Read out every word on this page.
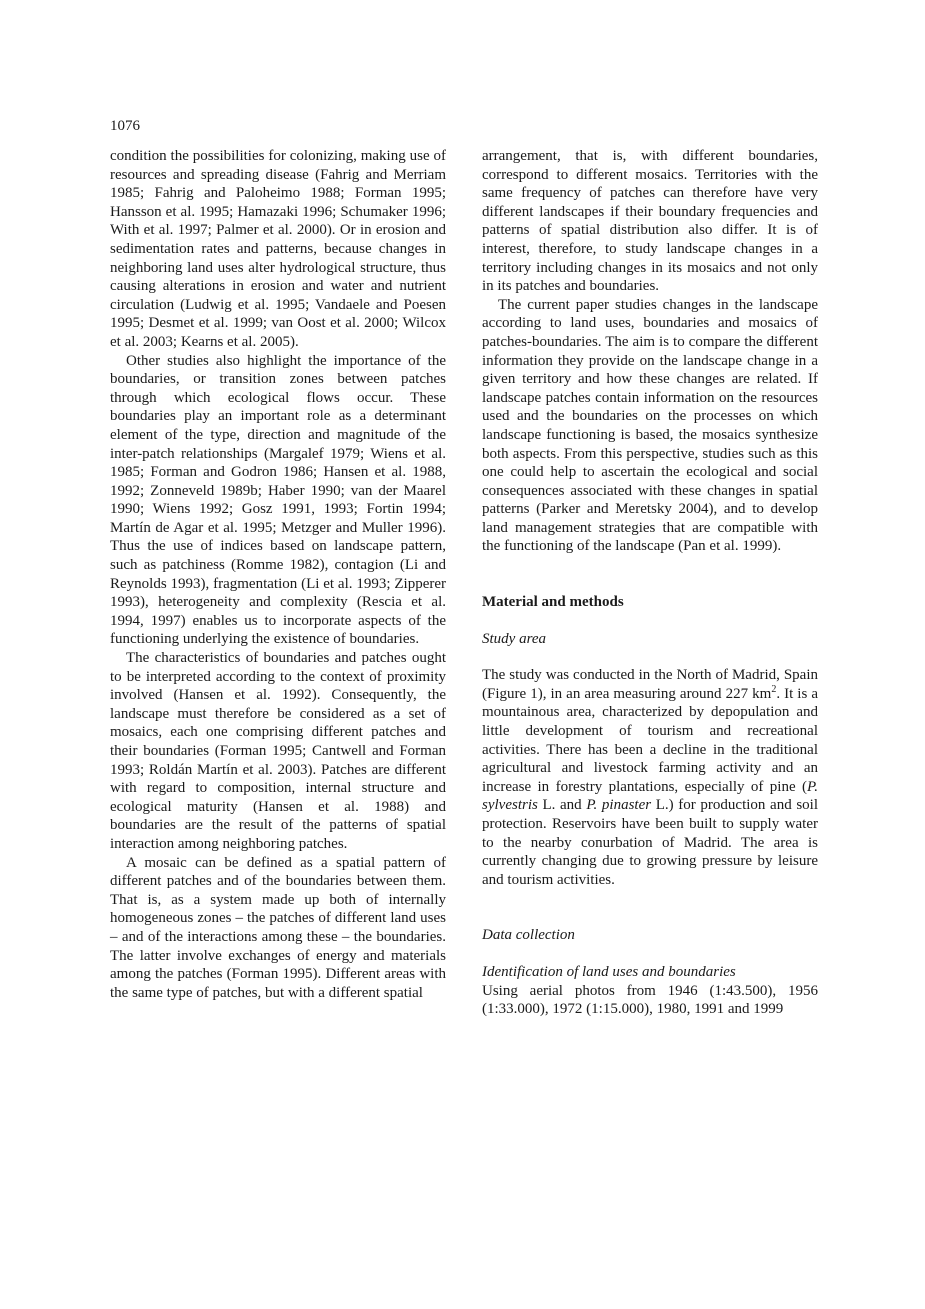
1076

condition the possibilities for colonizing, making use of resources and spreading disease (Fahrig and Merriam 1985; Fahrig and Paloheimo 1988; Forman 1995; Hansson et al. 1995; Hamazaki 1996; Schumaker 1996; With et al. 1997; Palmer et al. 2000). Or in erosion and sedimentation rates and patterns, because changes in neighboring land uses alter hydrological structure, thus causing alterations in erosion and water and nutrient circulation (Ludwig et al. 1995; Vandaele and Poesen 1995; Desmet et al. 1999; van Oost et al. 2000; Wilcox et al. 2003; Kearns et al. 2005).

Other studies also highlight the importance of the boundaries, or transition zones between patches through which ecological flows occur. These boundaries play an important role as a determinant element of the type, direction and magnitude of the inter-patch relationships (Margalef 1979; Wiens et al. 1985; Forman and Godron 1986; Hansen et al. 1988, 1992; Zonneveld 1989b; Haber 1990; van der Maarel 1990; Wiens 1992; Gosz 1991, 1993; Fortin 1994; Martín de Agar et al. 1995; Metzger and Muller 1996). Thus the use of indices based on landscape pattern, such as patchiness (Romme 1982), contagion (Li and Reynolds 1993), fragmentation (Li et al. 1993; Zipperer 1993), heterogeneity and complexity (Rescia et al. 1994, 1997) enables us to incorporate aspects of the functioning underlying the existence of boundaries.

The characteristics of boundaries and patches ought to be interpreted according to the context of proximity involved (Hansen et al. 1992). Consequently, the landscape must therefore be considered as a set of mosaics, each one comprising different patches and their boundaries (Forman 1995; Cantwell and Forman 1993; Roldán Martín et al. 2003). Patches are different with regard to composition, internal structure and ecological maturity (Hansen et al. 1988) and boundaries are the result of the patterns of spatial interaction among neighboring patches.

A mosaic can be defined as a spatial pattern of different patches and of the boundaries between them. That is, as a system made up both of internally homogeneous zones – the patches of different land uses – and of the interactions among these – the boundaries. The latter involve exchanges of energy and materials among the patches (Forman 1995). Different areas with the same type of patches, but with a different spatial

arrangement, that is, with different boundaries, correspond to different mosaics. Territories with the same frequency of patches can therefore have very different landscapes if their boundary frequencies and patterns of spatial distribution also differ. It is of interest, therefore, to study landscape changes in a territory including changes in its mosaics and not only in its patches and boundaries.

The current paper studies changes in the landscape according to land uses, boundaries and mosaics of patches-boundaries. The aim is to compare the different information they provide on the landscape change in a given territory and how these changes are related. If landscape patches contain information on the resources used and the boundaries on the processes on which landscape functioning is based, the mosaics synthesize both aspects. From this perspective, studies such as this one could help to ascertain the ecological and social consequences associated with these changes in spatial patterns (Parker and Meretsky 2004), and to develop land management strategies that are compatible with the functioning of the landscape (Pan et al. 1999).

Material and methods

Study area

The study was conducted in the North of Madrid, Spain (Figure 1), in an area measuring around 227 $km^2$. It is a mountainous area, characterized by depopulation and little development of tourism and recreational activities. There has been a decline in the traditional agricultural and livestock farming activity and an increase in forestry plantations, especially of pine (P. sylvestris L. and P. pinaster L.) for production and soil protection. Reservoirs have been built to supply water to the nearby conurbation of Madrid. The area is currently changing due to growing pressure by leisure and tourism activities.

Data collection

Identification of land uses and boundaries

Using aerial photos from 1946 (1:43.500), 1956 (1:33.000), 1972 (1:15.000), 1980, 1991 and 1999
